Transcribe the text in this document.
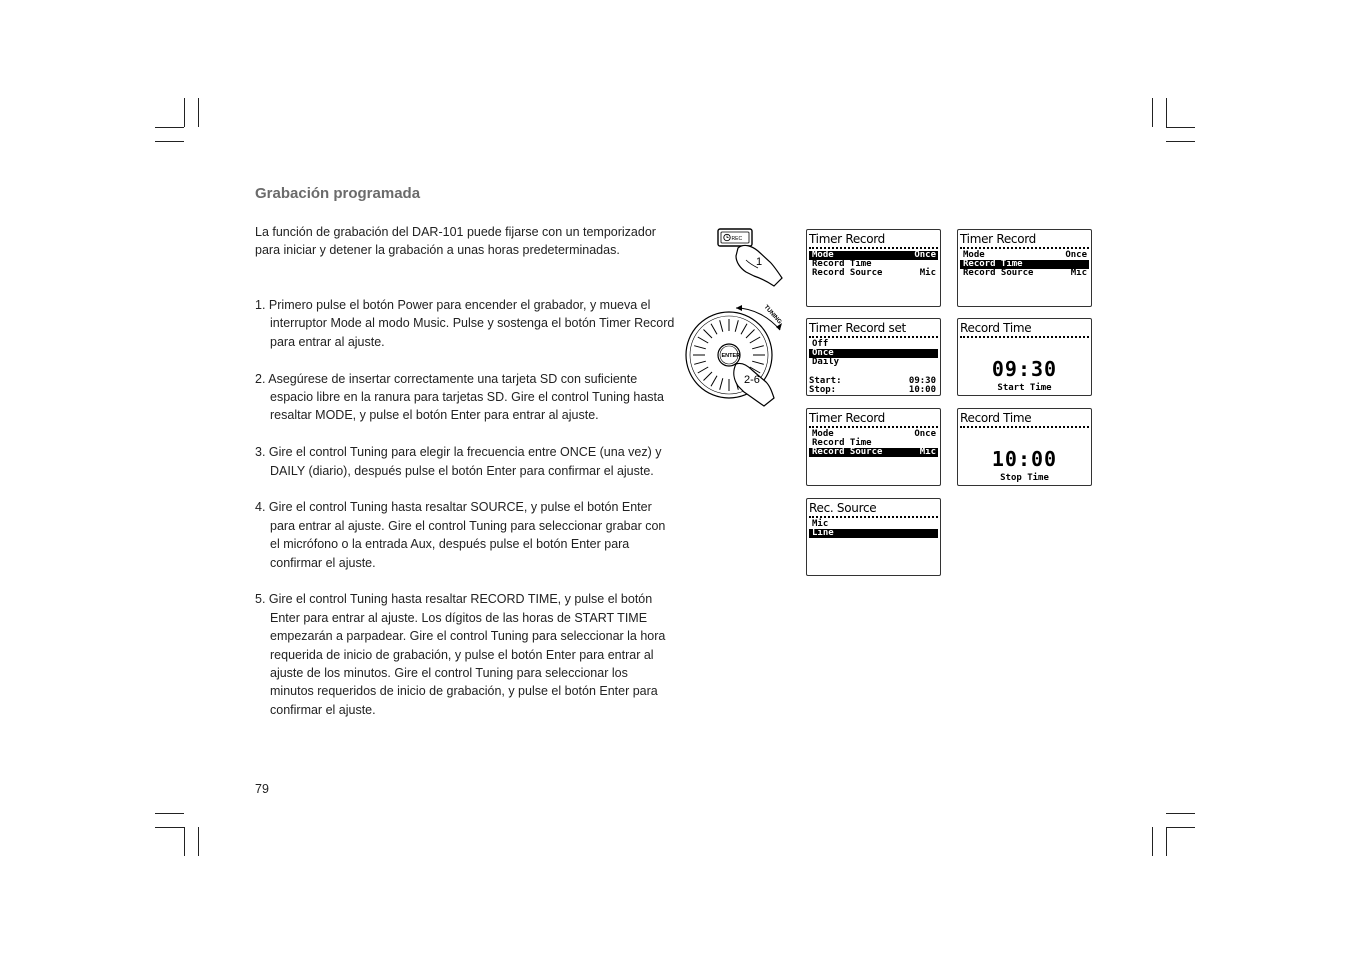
Grabación programada

La función de grabación del DAR-101 puede fijarse con un temporizador para iniciar y detener la grabación a unas horas predeterminadas.

1. Primero pulse el botón Power para encender el grabador, y mueva el interruptor Mode al modo Music. Pulse y sostenga el botón Timer Record para entrar al ajuste.
2. Asegúrese de insertar correctamente una tarjeta SD con suficiente espacio libre en la ranura para tarjetas SD. Gire el control Tuning hasta resaltar MODE, y pulse el botón Enter para entrar al ajuste.
3. Gire el control Tuning para elegir la frecuencia entre ONCE (una vez) y DAILY (diario), después pulse el botón Enter para confirmar el ajuste.
4. Gire el control Tuning hasta resaltar SOURCE, y pulse el botón Enter para entrar al ajuste. Gire el control Tuning para seleccionar grabar con el micrófono o la entrada Aux, después pulse el botón Enter para confirmar el ajuste.
5. Gire el control Tuning hasta resaltar RECORD TIME, y pulse el botón Enter para entrar al ajuste. Los dígitos de las horas de START TIME empezarán a parpadear. Gire el control Tuning para seleccionar la hora requerida de inicio de grabación, y pulse el botón Enter para entrar al ajuste de los minutos. Gire el control Tuning para seleccionar los minutos requeridos de inicio de grabación, y pulse el botón Enter para confirmar el ajuste.

79

REC
1
TUNING
ENTER
2-6
Timer Record
Mode	Once
Record Time
Record Source	Mic
Timer Record
Mode	Once
Record Time
Record Source	Mic
Timer Record set
Off
Once
Daily
Start:	09:30
Stop:	10:00
Record Time
09:30
Start Time
Timer Record
Mode	Once
Record Time
Record Source	Mic
Record Time
10:00
Stop Time
Rec. Source
Mic
Line
